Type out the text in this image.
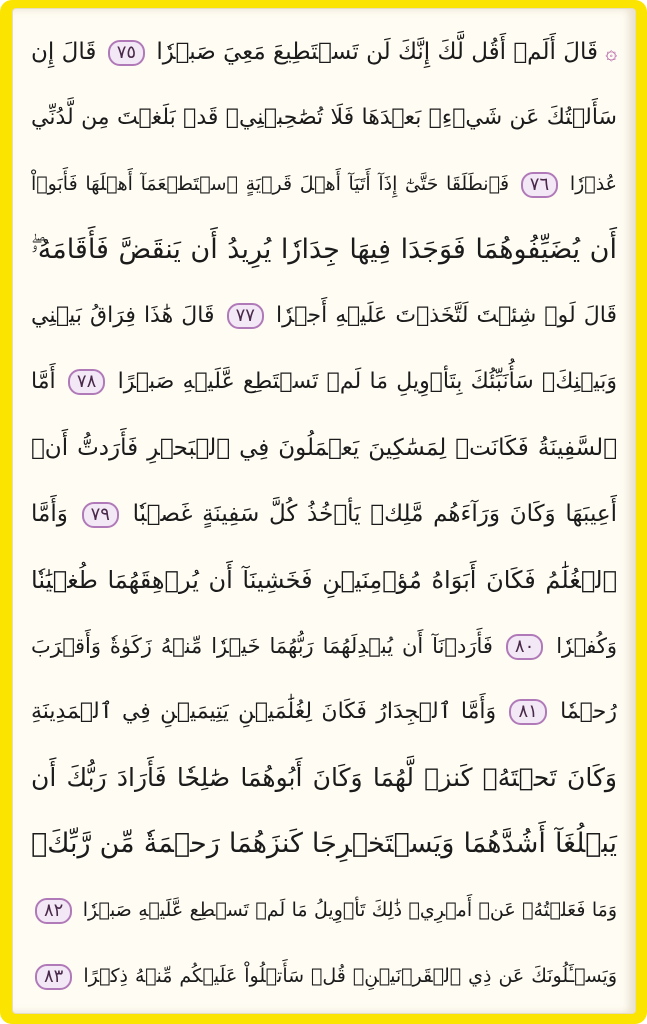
۞ قَالَ أَلَمۡ أَقُل لَّكَ إِنَّكَ لَن تَسۡتَطِيعَ مَعِيَ صَبۡرٗا ٧٥ قَالَ إِن
سَأَلۡتُكَ عَن شَيۡءِۭ بَعۡدَهَا فَلَا تُصَٰحِبۡنِيۖ قَدۡ بَلَغۡتَ مِن لَّدُنِّي
عُذۡرٗا ٧٦ فَٱنطَلَقَا حَتَّىٰٓ إِذَآ أَتَيَآ أَهۡلَ قَرۡيَةٍ ٱسۡتَطۡعَمَآ أَهۡلَهَا فَأَبَوۡاْ
أَن يُضَيِّفُوهُمَا فَوَجَدَا فِيهَا جِدَارٗا يُرِيدُ أَن يَنقَضَّ فَأَقَامَهُۥۖ
قَالَ لَوۡ شِئۡتَ لَتَّخَذۡتَ عَلَيۡهِ أَجۡرٗا ٧٧ قَالَ هَٰذَا فِرَاقُ بَيۡنِي
وَبَيۡنِكَۚ سَأُنَبِّئُكَ بِتَأۡوِيلِ مَا لَمۡ تَسۡتَطِع عَّلَيۡهِ صَبۡرًا ٧٨ أَمَّا
ٱلسَّفِينَةُ فَكَانَتۡ لِمَسَٰكِينَ يَعۡمَلُونَ فِي ٱلۡبَحۡرِ فَأَرَدتُّ أَنۡ
أَعِيبَهَا وَكَانَ وَرَآءَهُم مَّلِكٞ يَأۡخُذُ كُلَّ سَفِينَةٍ غَصۡبٗا ٧٩ وَأَمَّا
ٱلۡغُلَٰمُ فَكَانَ أَبَوَاهُ مُؤۡمِنَيۡنِ فَخَشِينَآ أَن يُرۡهِقَهُمَا طُغۡيَٰنٗا
وَكُفۡرٗا ٨٠ فَأَرَدۡنَآ أَن يُبۡدِلَهُمَا رَبُّهُمَا خَيۡرٗا مِّنۡهُ زَكَوٰةٗ وَأَقۡرَبَ
رُحۡمٗا ٨١ وَأَمَّا ٱلۡجِدَارُ فَكَانَ لِغُلَٰمَيۡنِ يَتِيمَيۡنِ فِي ٱلۡمَدِينَةِ
وَكَانَ تَحۡتَهُۥ كَنزٞ لَّهُمَا وَكَانَ أَبُوهُمَا صَٰلِحٗا فَأَرَادَ رَبُّكَ أَن
يَبۡلُغَآ أَشُدَّهُمَا وَيَسۡتَخۡرِجَا كَنزَهُمَا رَحۡمَةٗ مِّن رَّبِّكَۚ
وَمَا فَعَلۡتُهُۥ عَنۡ أَمۡرِيۚ ذَٰلِكَ تَأۡوِيلُ مَا لَمۡ تَسۡطِع عَّلَيۡهِ صَبۡرٗا ٨٢
وَيَسۡـَٔلُونَكَ عَن ذِي ٱلۡقَرۡنَيۡنِۖ قُلۡ سَأَتۡلُواْ عَلَيۡكُم مِّنۡهُ ذِكۡرًا ٨٣
